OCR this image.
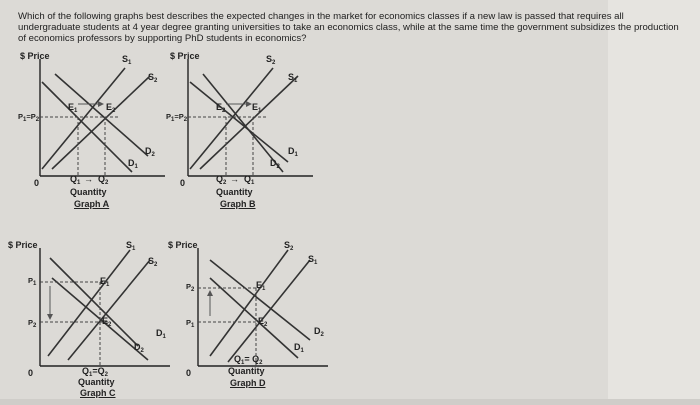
Which of the following graphs best describes the expected changes in the market for economics classes if a new law is passed that requires all undergraduate students at 4 year degree granting universities to take an economics class, while at the same time the government subsidizes the production of economics professors by supporting PhD students in economics?
$ Price	$S_1$
$S_2$
$E_1$	$E_2$
$P_1=P_2$
$D_1$
$D_2$
0	$Q_1 \to Q_2$
Quantity
Graph A
$ Price	$S_2$
$S_1$
$E_2$	$E_1$
$P_1=P_2$
$D_1$
$D_2$
0	$Q_2 \to Q_1$
Quantity
Graph B
$ Price	$S_1$
$S_2$
$E_1$
$E_2$
$P_1$
$P_2$
$D_2$
$D_1$
0	$Q_1=Q_2$
Quantity
Graph C
$ Price	$S_2$
$S_1$
$E_1$
$E_2$
$P_2$
$P_1$	$D_2$
$D_1$
0
$Q_1= Q_2$
Quantity
Graph D
